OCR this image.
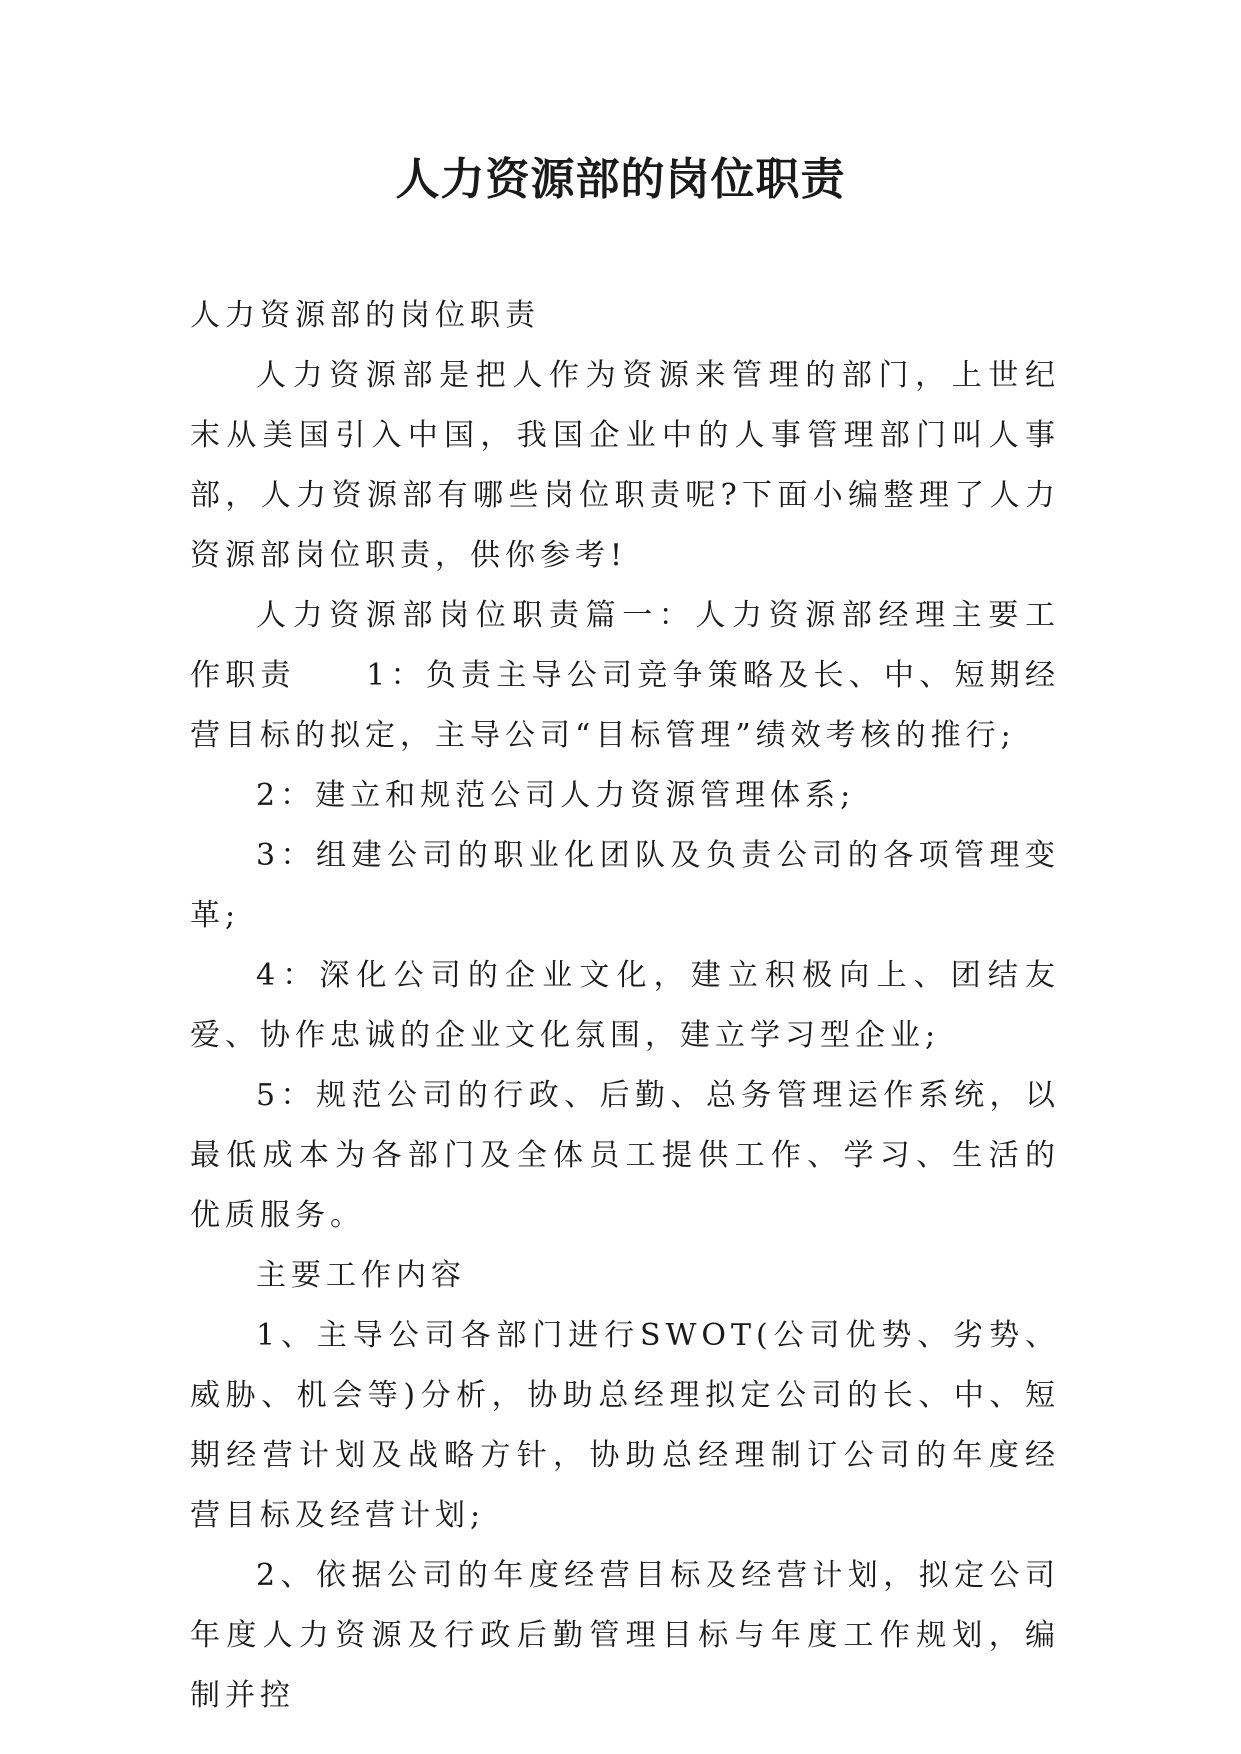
人力资源部的岗位职责

人力资源部的岗位职责

人力资源部是把人作为资源来管理的部门，上世纪末从美国引入中国，我国企业中的人事管理部门叫人事部，人力资源部有哪些岗位职责呢?下面小编整理了人力资源部岗位职责，供你参考!

人力资源部岗位职责篇一：人力资源部经理主要工作职责　　1：负责主导公司竞争策略及长、中、短期经营目标的拟定，主导公司“目标管理”绩效考核的推行;

2：建立和规范公司人力资源管理体系;

3：组建公司的职业化团队及负责公司的各项管理变革;

4：深化公司的企业文化，建立积极向上、团结友爱、协作忠诚的企业文化氛围，建立学习型企业;

5：规范公司的行政、后勤、总务管理运作系统，以最低成本为各部门及全体员工提供工作、学习、生活的优质服务。

主要工作内容

1、主导公司各部门进行SWOT(公司优势、劣势、威胁、机会等)分析，协助总经理拟定公司的长、中、短期经营计划及战略方针，协助总经理制订公司的年度经营目标及经营计划;

2、依据公司的年度经营目标及经营计划，拟定公司年度人力资源及行政后勤管理目标与年度工作规划，编制并控
